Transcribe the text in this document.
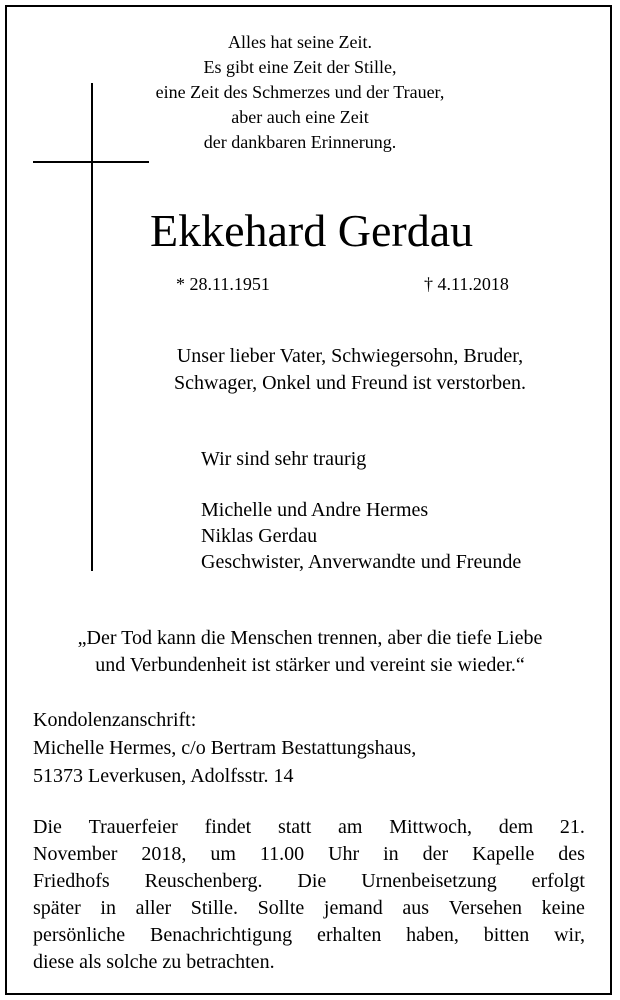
Alles hat seine Zeit.
Es gibt eine Zeit der Stille,
eine Zeit des Schmerzes und der Trauer,
aber auch eine Zeit
der dankbaren Erinnerung.
Ekkehard Gerdau
* 28.11.1951	† 4.11.2018
Unser lieber Vater, Schwiegersohn, Bruder,
Schwager, Onkel und Freund ist verstorben.
Wir sind sehr traurig
Michelle und Andre Hermes
Niklas Gerdau
Geschwister, Anverwandte und Freunde
„Der Tod kann die Menschen trennen, aber die tiefe Liebe
und Verbundenheit ist stärker und vereint sie wieder.“
Kondolenzanschrift:
Michelle Hermes, c/o Bertram Bestattungshaus,
51373 Leverkusen, Adolfsstr. 14
Die Trauerfeier findet statt am Mittwoch, dem 21.
November 2018, um 11.00 Uhr in der Kapelle des
Friedhofs Reuschenberg. Die Urnenbeisetzung erfolgt
später in aller Stille. Sollte jemand aus Versehen keine
persönliche Benachrichtigung erhalten haben, bitten wir,
diese als solche zu betrachten.
